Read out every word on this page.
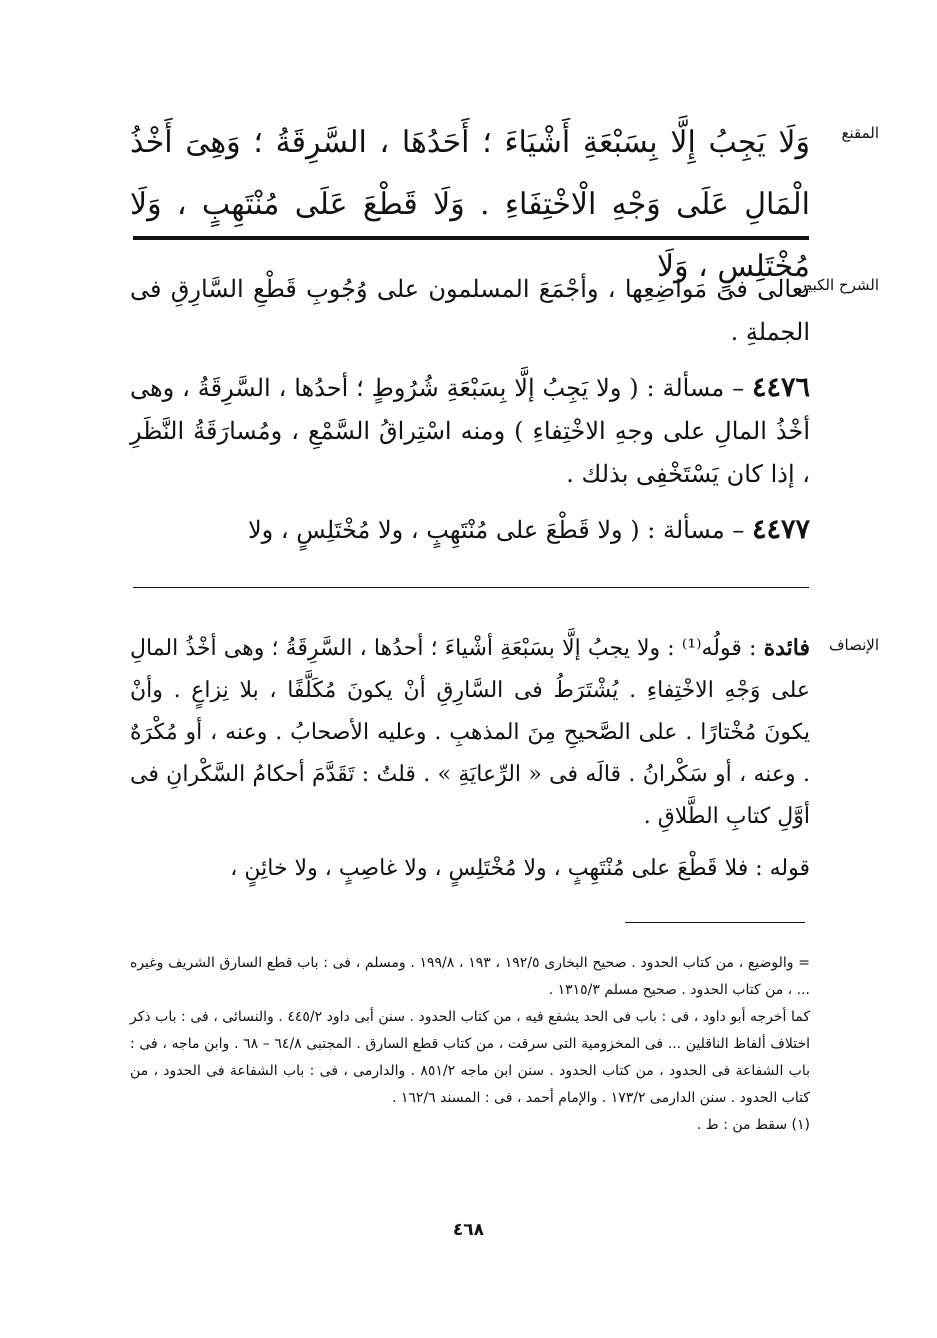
المقنع

وَلَا يَجِبُ إِلَّا بِسَبْعَةِ أَشْيَاءَ ؛ أَحَدُهَا ، السَّرِقَةُ ؛ وَهِىَ أَخْذُ الْمَالِ عَلَى وَجْهِ الْاخْتِفَاءِ . وَلَا قَطْعَ عَلَى مُنْتَهِبٍ ، وَلَا مُخْتَلِسٍ ، وَلَا

الشرح الكبير

تعالى فى مَواضِعِها ، وأجْمَعَ المسلمون على وُجُوبِ قَطْعِ السَّارِقِ فى الجملةِ .

٤٤٧٦ – مسألة : ( ولا يَجِبُ إلَّا بِسَبْعَةِ شُرُوطٍ ؛ أحدُها ، السَّرِقَةُ ، وهى أخْذُ المالِ على وجهِ الاخْتِفاءِ ) ومنه اسْتِراقُ السَّمْعِ ، ومُسارَقَةُ النَّظَرِ ، إذا كان يَسْتَخْفِى بذلك .

٤٤٧٧ – مسألة : ( ولا قَطْعَ على مُنْتَهِبٍ ، ولا مُخْتَلِسٍ ، ولا

الإنصاف

فائدة : قولُه⁽¹⁾ : ولا يجبُ إلَّا بسَبْعَةِ أشْياءَ ؛ أحدُها ، السَّرِقَةُ ؛ وهى أخْذُ المالِ على وَجْهِ الاخْتِفاءِ . يُشْتَرَطُ فى السَّارِقِ أنْ يكونَ مُكَلَّفًا ، بلا نِزاعٍ . وأنْ يكونَ مُخْتارًا . على الصَّحيحِ مِنَ المذهبِ . وعليه الأصحابُ . وعنه ، أو مُكْرَهٌ . وعنه ، أو سَكْرانُ . قالَه فى « الرِّعايَةِ » . قلتُ : تَقَدَّمَ أحكامُ السَّكْرانِ فى أوَّلِ كتابِ الطَّلاقِ .

قوله : فلا قَطْعَ على مُنْتَهِبٍ ، ولا مُخْتَلِسٍ ، ولا غاصِبٍ ، ولا خائِنٍ ،

= والوضيع ، من كتاب الحدود . صحيح البخارى ١٩٢/٥ ، ١٩٣ ، ١٩٩/٨ . ومسلم ، فى : باب قطع السارق الشريف وغيره ... ، من كتاب الحدود . صحيح مسلم ١٣١٥/٣ .

كما أخرجه أبو داود ، فى : باب فى الحد يشفع فيه ، من كتاب الحدود . سنن أبى داود ٤٤٥/٢ . والنسائى ، فى : باب ذكر اختلاف ألفاظ الناقلين ... فى المخزومية التى سرقت ، من كتاب قطع السارق . المجتبى ٦٤/٨ – ٦٨ . وابن ماجه ، فى : باب الشفاعة فى الحدود ، من كتاب الحدود . سنن ابن ماجه ٨٥١/٢ . والدارمى ، فى : باب الشفاعة فى الحدود ، من كتاب الحدود . سنن الدارمى ١٧٣/٢ . والإمام أحمد ، فى : المسند ١٦٢/٦ .

(١) سقط من : ط .

٤٦٨
